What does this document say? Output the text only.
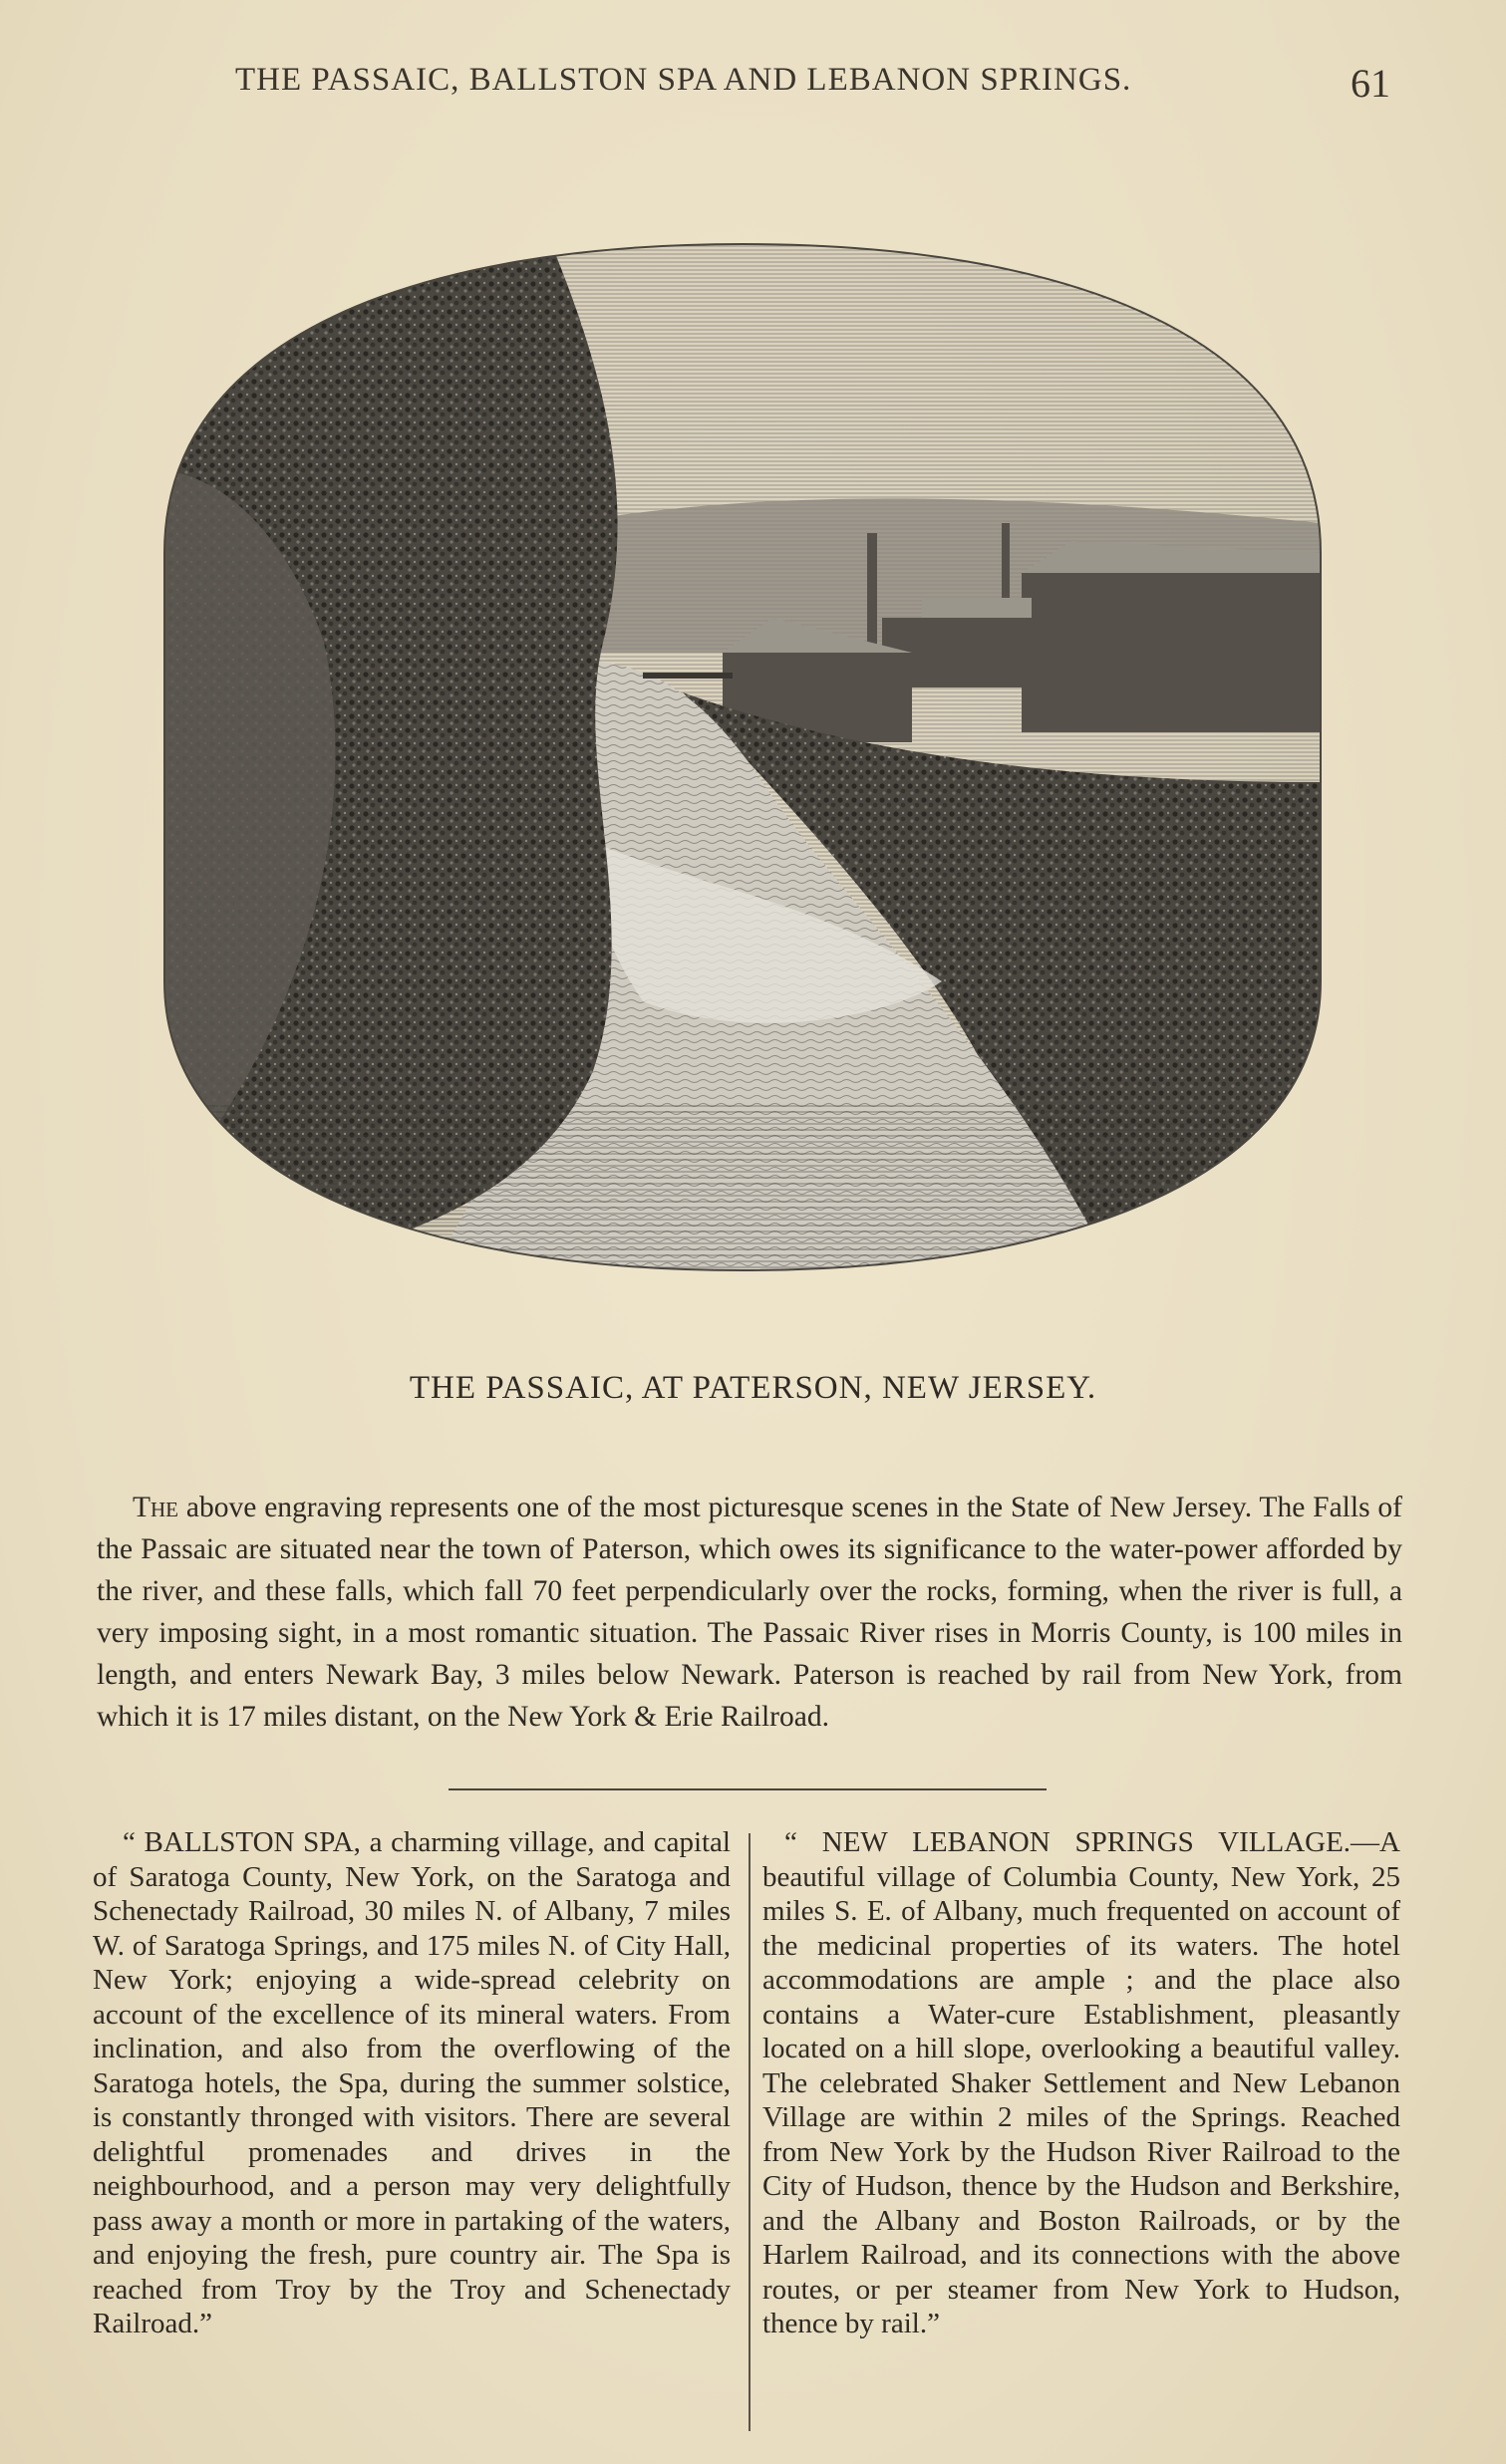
THE PASSAIC, BALLSTON SPA AND LEBANON SPRINGS.	61
THE PASSAIC, AT PATERSON, NEW JERSEY.

The above engraving represents one of the most picturesque scenes in the State of New Jersey. The Falls of the Passaic are situated near the town of Paterson, which owes its significance to the water-power afforded by the river, and these falls, which fall 70 feet perpendicularly over the rocks, forming, when the river is full, a very imposing sight, in a most romantic situation. The Passaic River rises in Morris County, is 100 miles in length, and enters Newark Bay, 3 miles below Newark. Paterson is reached by rail from New York, from which it is 17 miles distant, on the New York & Erie Railroad.

“ BALLSTON SPA, a charming village, and capital of Saratoga County, New York, on the Saratoga and Schenectady Railroad, 30 miles N. of Albany, 7 miles W. of Saratoga Springs, and 175 miles N. of City Hall, New York; enjoying a wide-spread celebrity on account of the excellence of its mineral waters. From inclination, and also from the overflowing of the Saratoga hotels, the Spa, during the summer solstice, is constantly thronged with visitors. There are several delightful promenades and drives in the neighbourhood, and a person may very delightfully pass away a month or more in partaking of the waters, and enjoying the fresh, pure country air. The Spa is reached from Troy by the Troy and Schenectady Railroad.”
“ NEW LEBANON SPRINGS VILLAGE.—A beautiful village of Columbia County, New York, 25 miles S. E. of Albany, much frequented on account of the medicinal properties of its waters. The hotel accommodations are ample ; and the place also contains a Water-cure Establishment, pleasantly located on a hill slope, overlooking a beautiful valley. The celebrated Shaker Settlement and New Lebanon Village are within 2 miles of the Springs. Reached from New York by the Hudson River Railroad to the City of Hudson, thence by the Hudson and Berkshire, and the Albany and Boston Railroads, or by the Harlem Railroad, and its connections with the above routes, or per steamer from New York to Hudson, thence by rail.”
